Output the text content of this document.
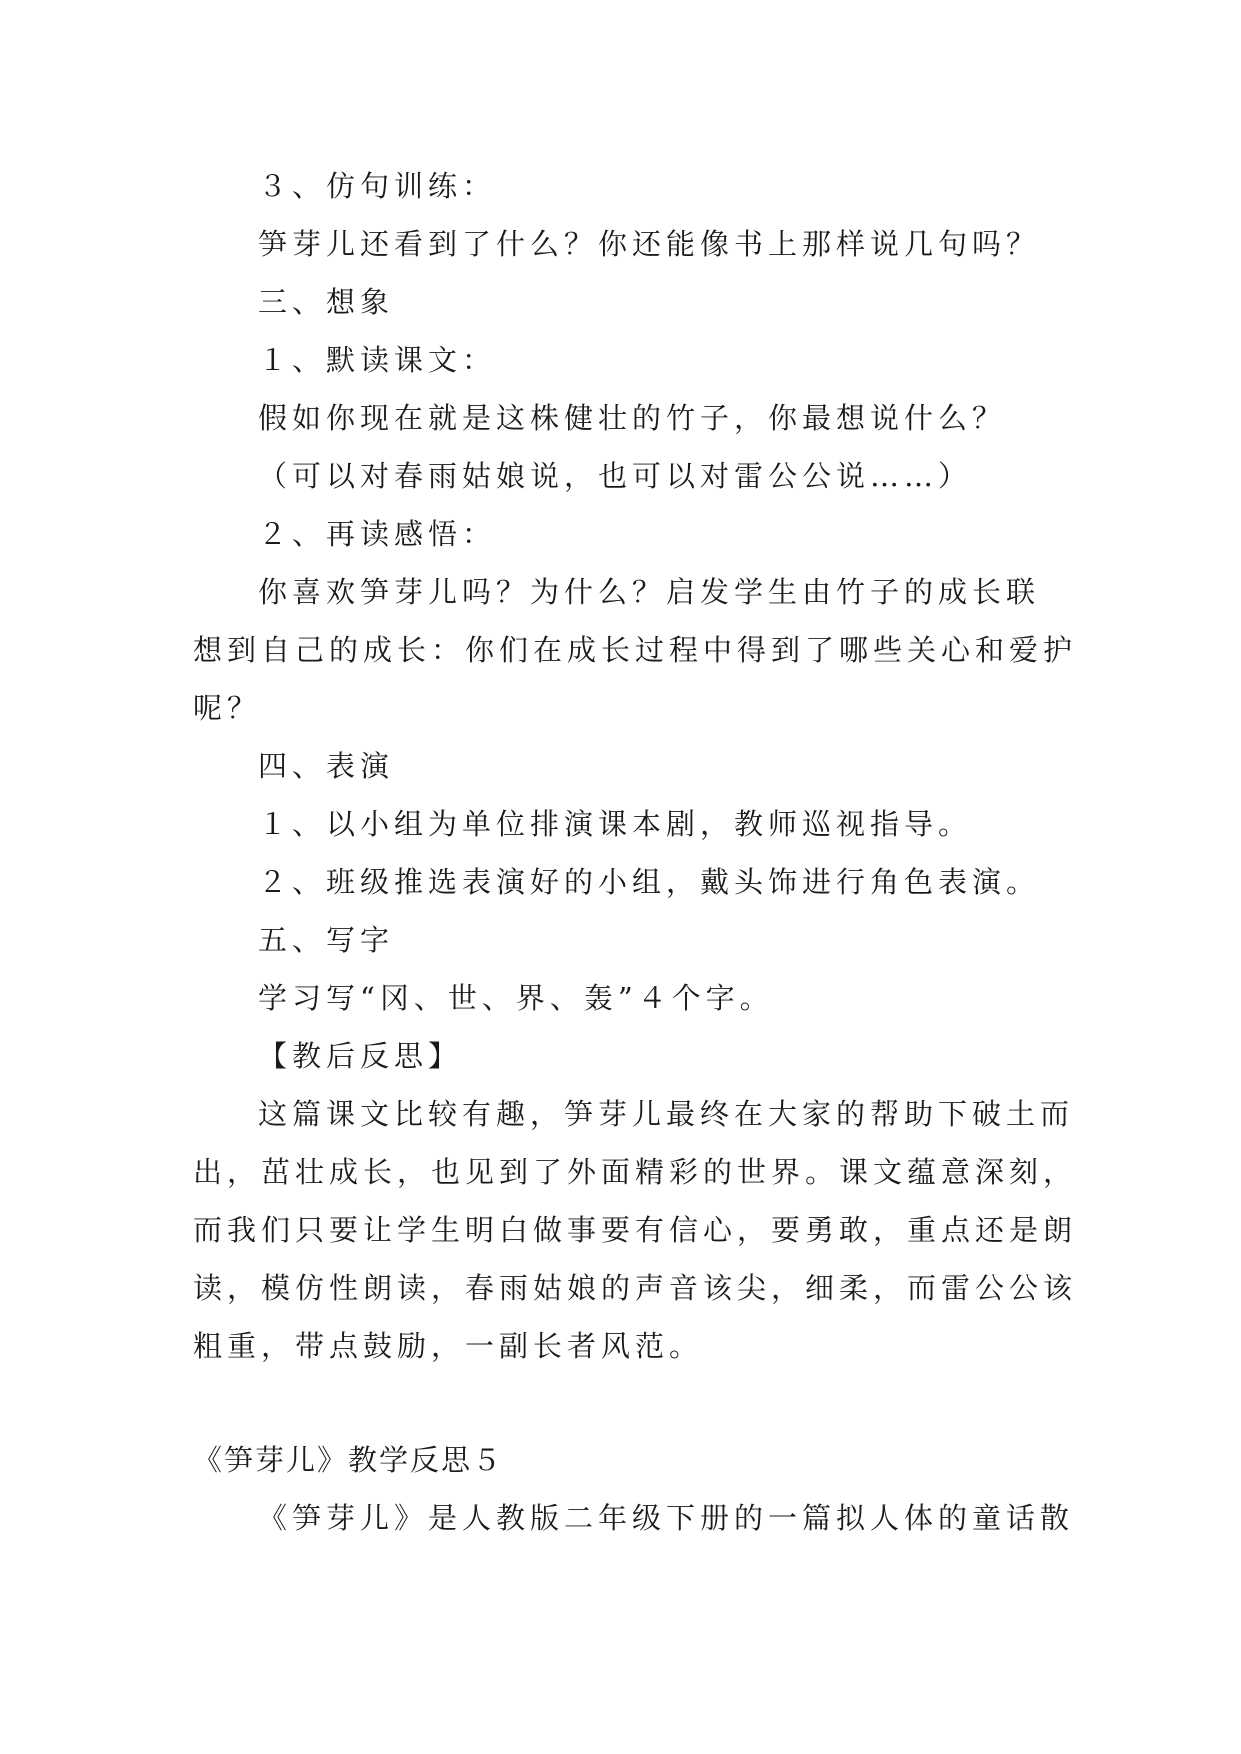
３、仿句训练：
笋芽儿还看到了什么？你还能像书上那样说几句吗？
三、想象
１、默读课文：
假如你现在就是这株健壮的竹子，你最想说什么？
（可以对春雨姑娘说，也可以对雷公公说……）
２、再读感悟：
你喜欢笋芽儿吗？为什么？启发学生由竹子的成长联
想到自己的成长：你们在成长过程中得到了哪些关心和爱护
呢？
四、表演
１、以小组为单位排演课本剧，教师巡视指导。
２、班级推选表演好的小组，戴头饰进行角色表演。
五、写字
学习写“冈、世、界、轰”４个字。
【教后反思】
这篇课文比较有趣，笋芽儿最终在大家的帮助下破土而
出，茁壮成长，也见到了外面精彩的世界。课文蕴意深刻，
而我们只要让学生明白做事要有信心，要勇敢，重点还是朗
读，模仿性朗读，春雨姑娘的声音该尖，细柔，而雷公公该
粗重，带点鼓励，一副长者风范。
《笋芽儿》教学反思５
《笋芽儿》是人教版二年级下册的一篇拟人体的童话散
